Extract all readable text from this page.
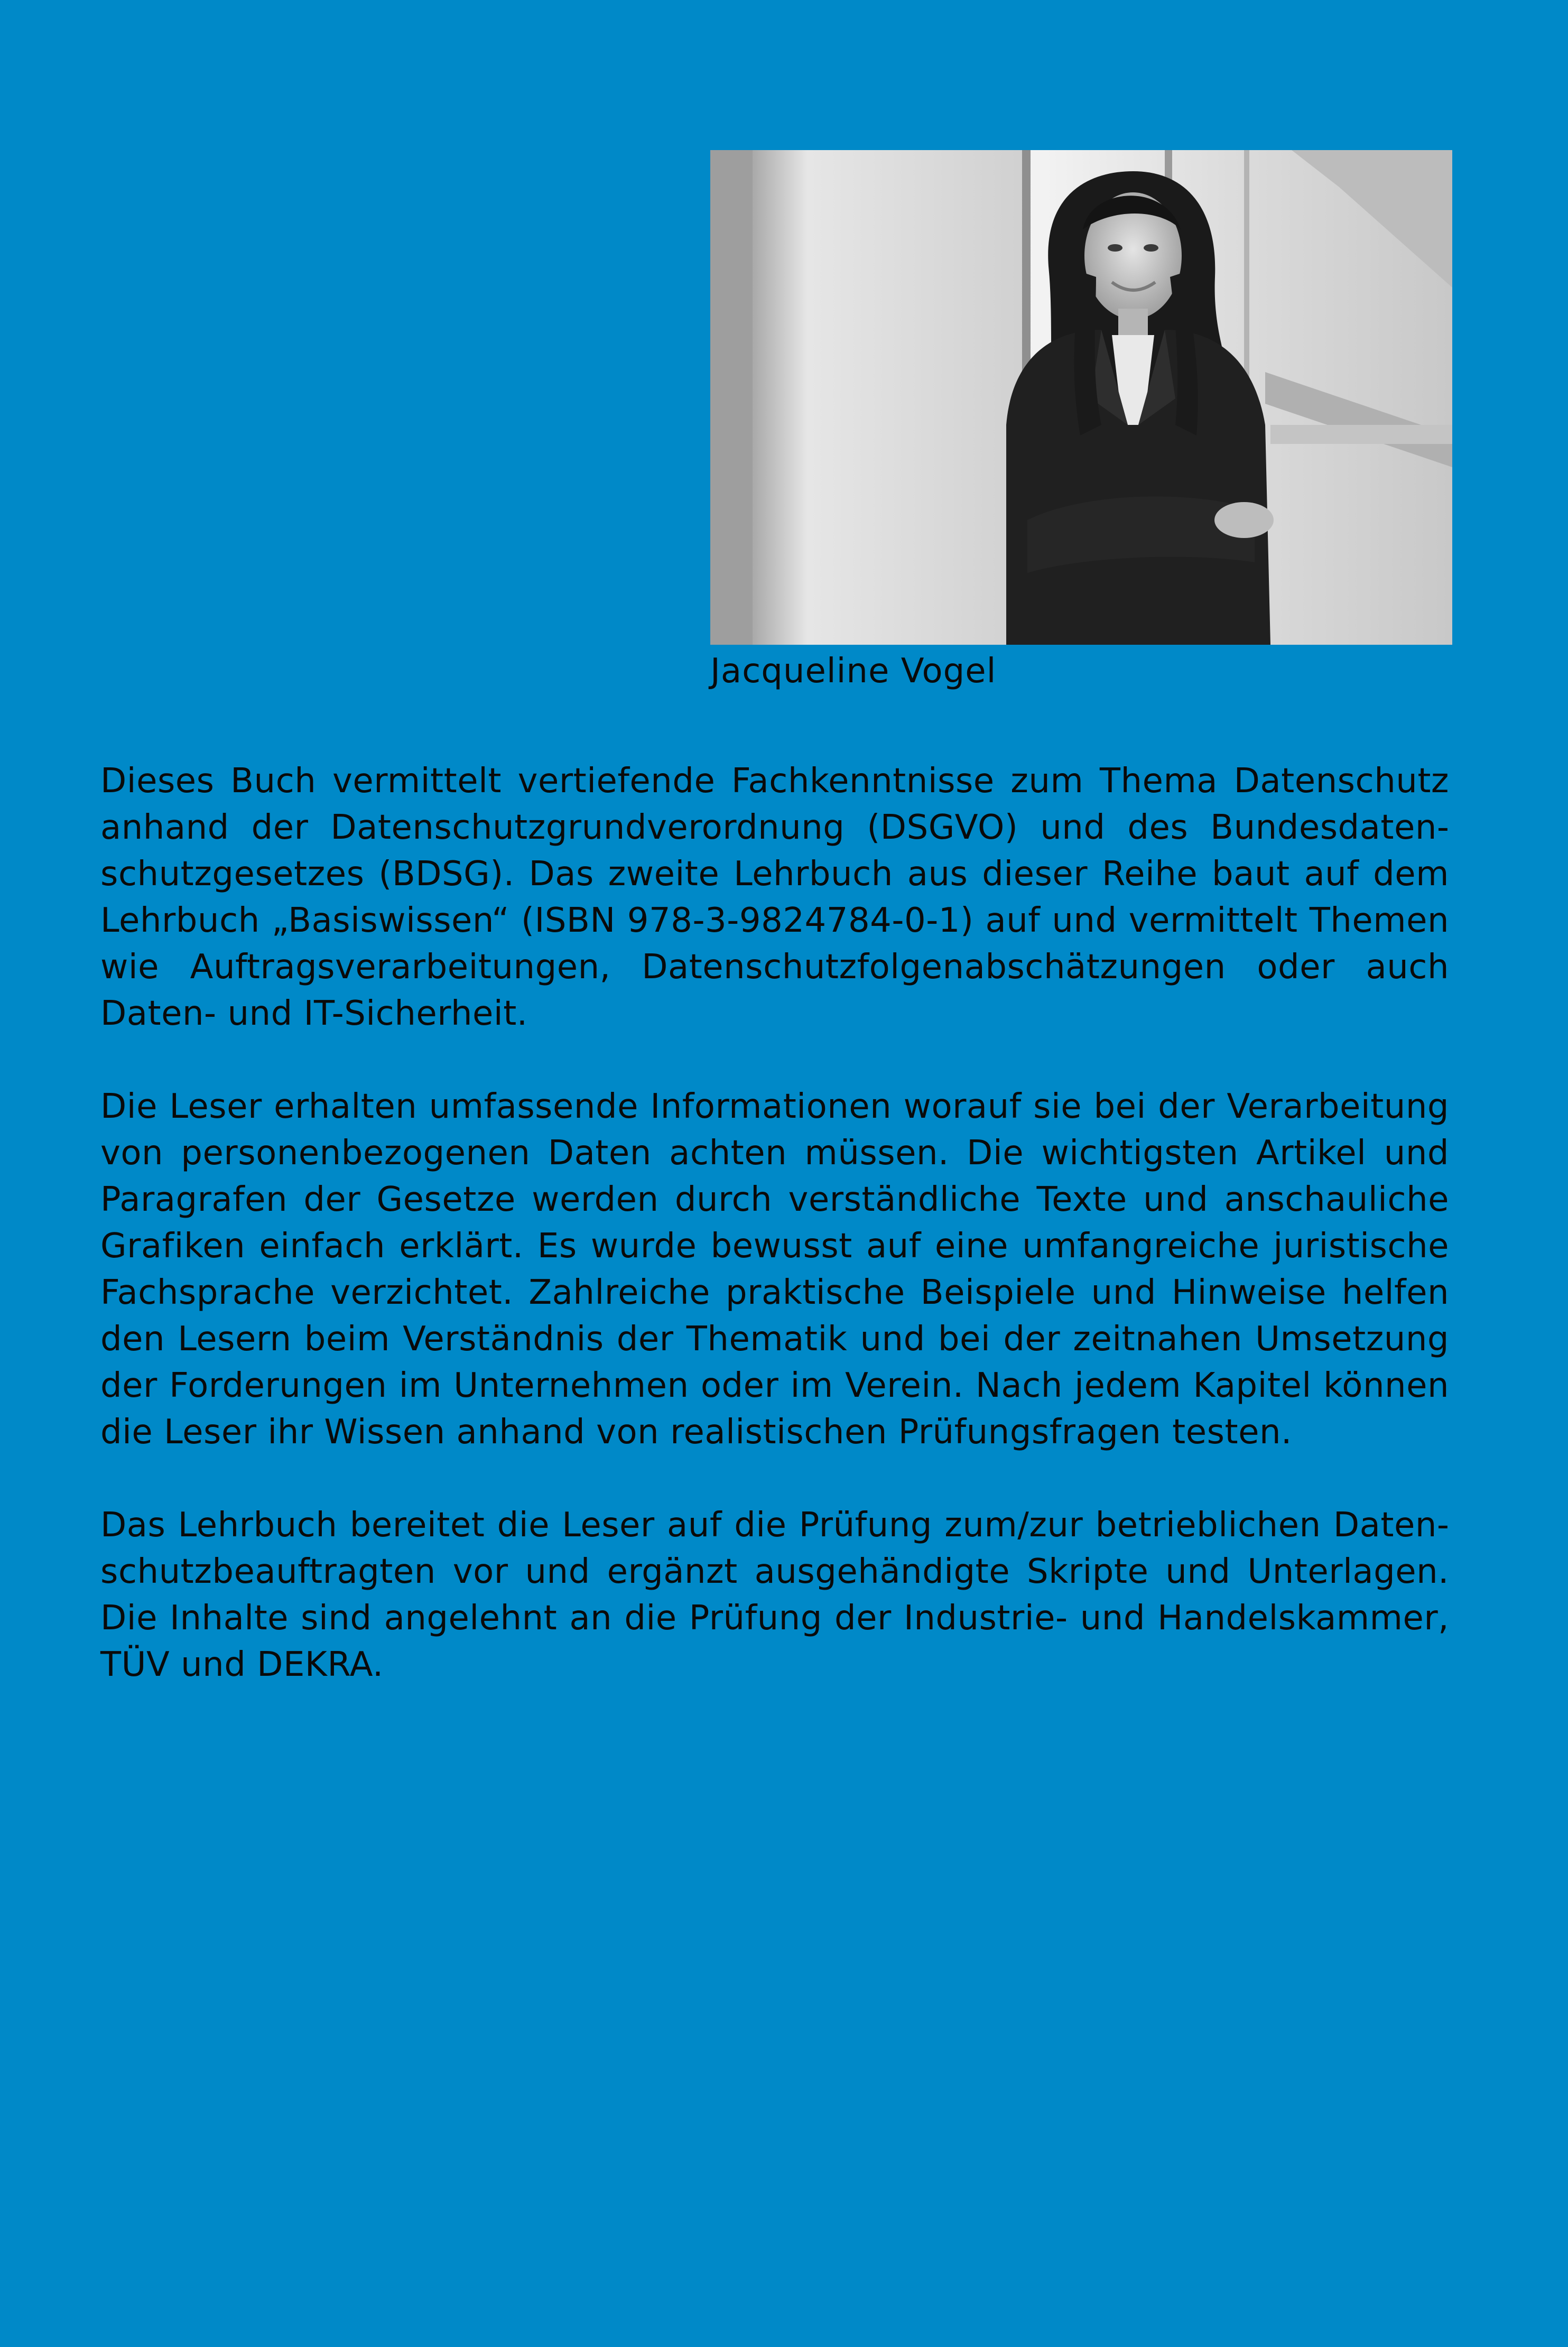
Jacqueline Vogel
Dieses Buch vermittelt vertiefende Fachkenntnisse zum Thema Datenschutz anhand der Datenschutzgrundverordnung (DSGVO) und des Bundesdatenschutzgesetzes (BDSG). Das zweite Lehrbuch aus dieser Reihe baut auf dem Lehrbuch „Basiswissen“ (ISBN 978-3-9824784-0-1) auf und vermittelt Themen wie Auftragsverarbeitungen, Datenschutzfolgenabschätzungen oder auch Daten- und IT-Sicherheit.
Die Leser erhalten umfassende Informationen worauf sie bei der Verarbeitung von personenbezogenen Daten achten müssen. Die wichtigsten Artikel und Paragrafen der Gesetze werden durch verständliche Texte und anschauliche Grafiken einfach erklärt. Es wurde bewusst auf eine umfangreiche juristische Fachsprache verzichtet. Zahlreiche praktische Beispiele und Hinweise helfen den Lesern beim Verständnis der Thematik und bei der zeitnahen Umsetzung der Forderungen im Unternehmen oder im Verein. Nach jedem Kapitel können die Leser ihr Wissen anhand von realistischen Prüfungsfragen testen.
Das Lehrbuch bereitet die Leser auf die Prüfung zum/zur betrieblichen Datenschutzbeauftragten vor und ergänzt ausgehändigte Skripte und Unterlagen. Die Inhalte sind angelehnt an die Prüfung der Industrie- und Handelskammer, TÜV und DEKRA.
